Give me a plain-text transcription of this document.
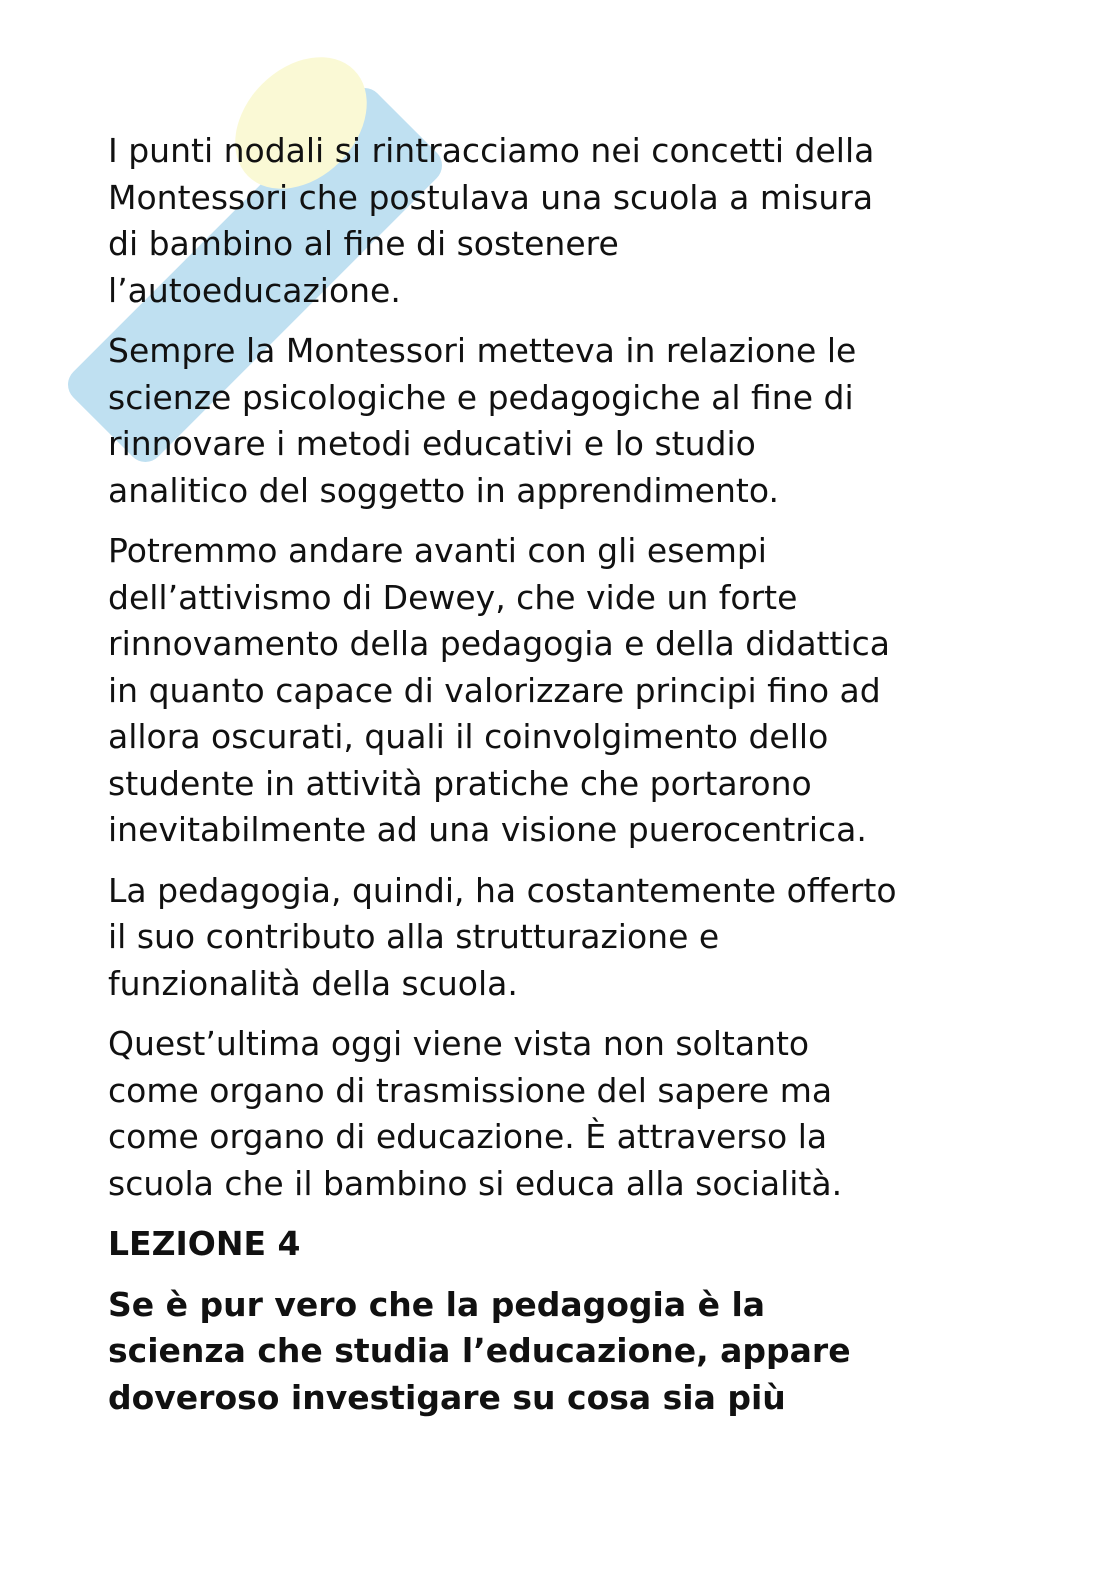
I punti nodali si rintracciamo nei concetti della
Montessori che postulava una scuola a misura
di bambino al fine di sostenere
l’autoeducazione.

Sempre la Montessori metteva in relazione le
scienze psicologiche e pedagogiche al fine di
rinnovare i metodi educativi e lo studio
analitico del soggetto in apprendimento.

Potremmo andare avanti con gli esempi
dell’attivismo di Dewey, che vide un forte
rinnovamento della pedagogia e della didattica
in quanto capace di valorizzare principi fino ad
allora oscurati, quali il coinvolgimento dello
studente in attività pratiche che portarono
inevitabilmente ad una visione puerocentrica.

La pedagogia, quindi, ha costantemente offerto
il suo contributo alla strutturazione e
funzionalità della scuola.

Quest’ultima oggi viene vista non soltanto
come organo di trasmissione del sapere ma
come organo di educazione. È attraverso la
scuola che il bambino si educa alla socialità.

LEZIONE 4

Se è pur vero che la pedagogia è la
scienza che studia l’educazione, appare
doveroso investigare su cosa sia più
